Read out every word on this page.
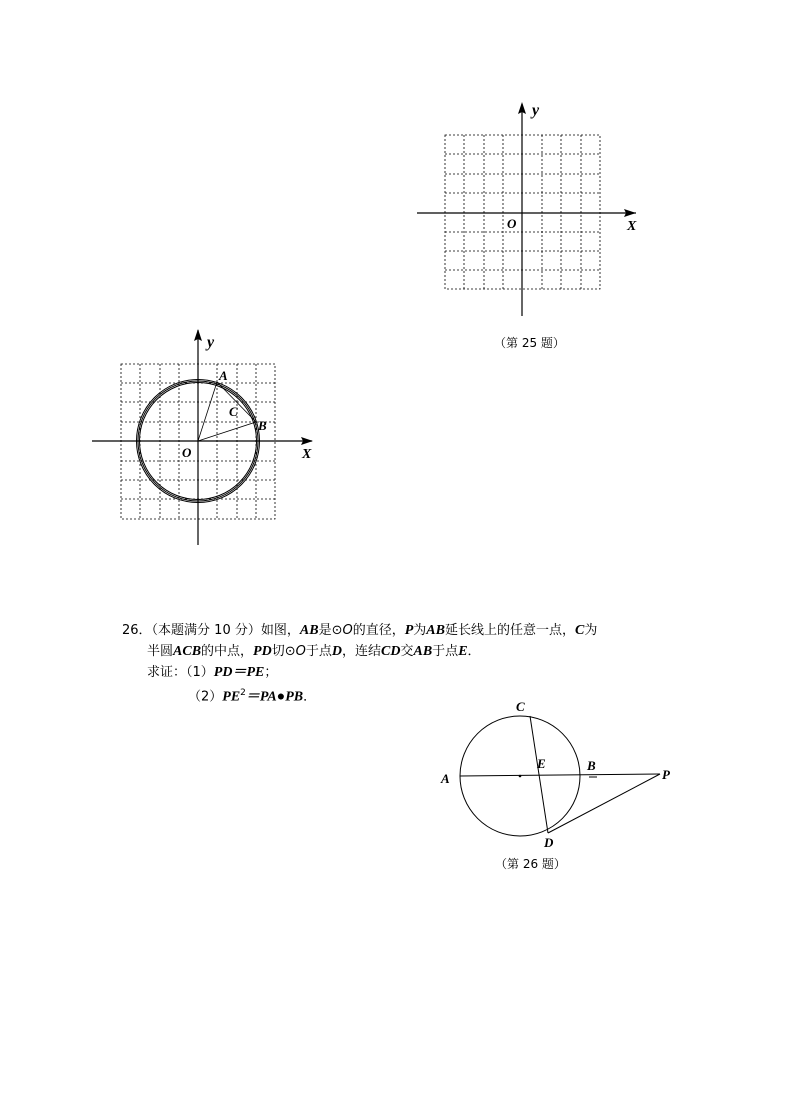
y
X
O
y
X
O
A
B
C
C
A
E	B
P
D
（第 25 题）
26．（本题满分 10 分）如图，AB是⊙O的直径，P为AB延长线上的任意一点，C为
半圆ACB的中点，PD切⊙O于点D，连结CD交AB于点E．
求证：（1）PD＝PE；
$(2)PE^2=PA●PB$．
（第 26 题）
